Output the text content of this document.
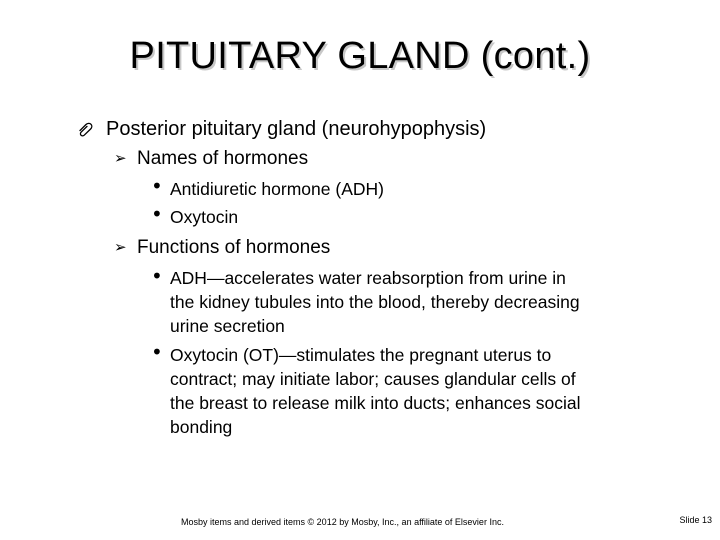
PITUITARY GLAND (cont.)
Posterior pituitary gland (neurohypophysis)
➢ Names of hormones
• Antidiuretic hormone (ADH)
• Oxytocin
➢ Functions of hormones
• ADH—accelerates water reabsorption from urine in
the kidney tubules into the blood, thereby decreasing
urine secretion
• Oxytocin (OT)—stimulates the pregnant uterus to
contract; may initiate labor; causes glandular cells of
the breast to release milk into ducts; enhances social
bonding
Mosby items and derived items © 2012 by Mosby, Inc., an affiliate of Elsevier Inc.	Slide 13
